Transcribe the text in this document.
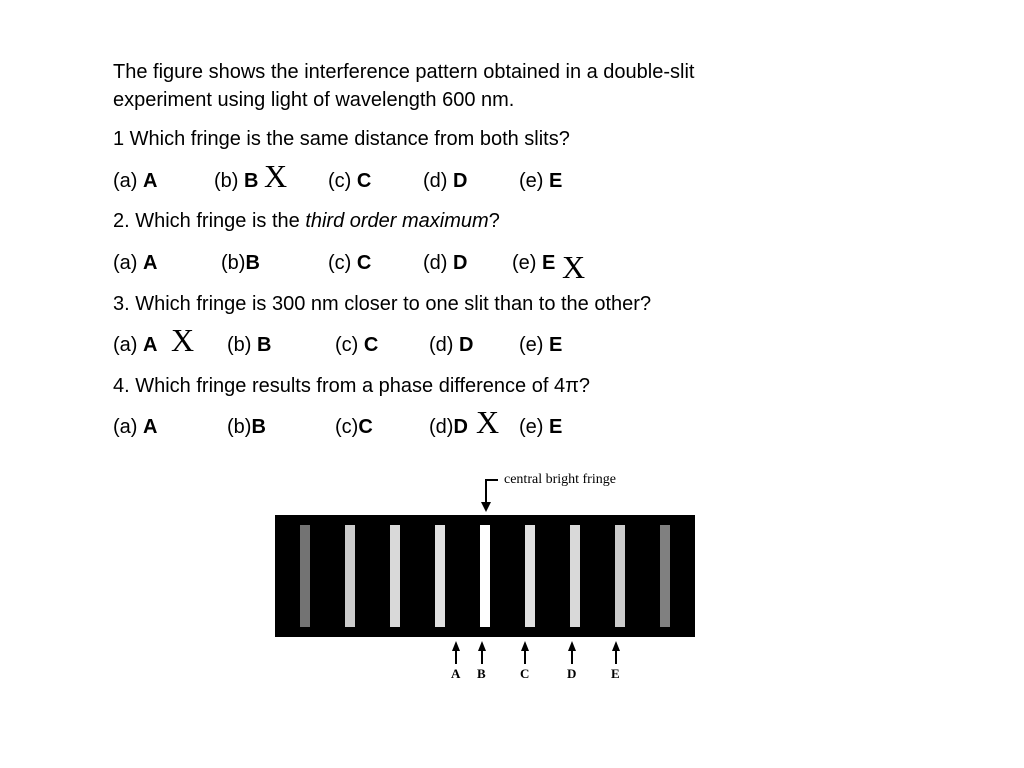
The figure shows the interference pattern obtained in a double-slit
experiment using light of wavelength 600 nm.
1 Which fringe is the same distance from both slits?
(a) A	(b) B X (c) C	(d) D	(e) E
2. Which fringe is the third order maximum?
(a) A	(b)B	(c) C	(d) D (e) E X
3. Which fringe is 300 nm closer to one slit than to the other?
(a) A X (b) B	(c) C	(d) D (e) E
4. Which fringe results from a phase difference of 4π?
(a) A	(b)B	(c)C	(d)D X (e) E
central bright fringe
A B	C	D	E
